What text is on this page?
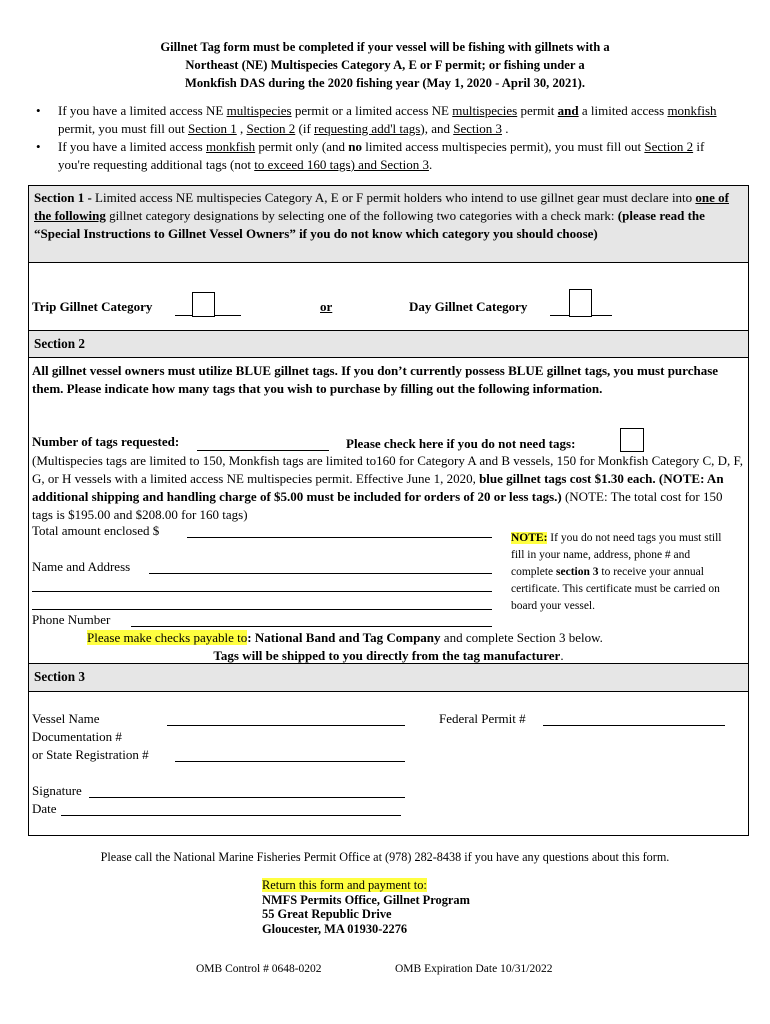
Gillnet Tag form must be completed if your vessel will be fishing with gillnets with a
Northeast (NE) Multispecies Category A, E or F permit; or fishing under a
Monkfish DAS during the 2020 fishing year (May 1, 2020 - April 30, 2021).
•	If you have a limited access NE multispecies permit or a limited access NE multispecies permit and a limited access monkfish permit, you must fill out Section 1 , Section 2 (if requesting add'l tags), and Section 3 .
•	If you have a limited access monkfish permit only (and no limited access multispecies permit), you must fill out Section 2 if you're requesting additional tags (not to exceed 160 tags) and Section 3.
Section 1 - Limited access NE multispecies Category A, E or F permit holders who intend to use gillnet gear must declare into one of the following gillnet category designations by selecting one of the following two categories with a check mark: (please read the “Special Instructions to Gillnet Vessel Owners” if you do not know which category you should choose)
Trip Gillnet Category	or	Day Gillnet Category
Section 2
All gillnet vessel owners must utilize BLUE gillnet tags. If you don’t currently possess BLUE gillnet tags, you must purchase them. Please indicate how many tags that you wish to purchase by filling out the following information.
Number of tags requested:	Please check here if you do not need tags:
(Multispecies tags are limited to 150, Monkfish tags are limited to160 for Category A and B vessels, 150 for Monkfish Category C, D, F, G, or H vessels with a limited access NE multispecies permit. Effective June 1, 2020, blue gillnet tags cost $1.30 each. (NOTE: An additional shipping and handling charge of $5.00 must be included for orders of 20 or less tags.) (NOTE: The total cost for 150 tags is $195.00 and $208.00 for 160 tags)
Total amount enclosed $
Name and Address
Phone Number
NOTE: If you do not need tags you must still fill in your name, address, phone # and complete section 3 to receive your annual certificate. This certificate must be carried on board your vessel.
Please make checks payable to: National Band and Tag Company and complete Section 3 below.
Tags will be shipped to you directly from the tag manufacturer.
Section 3
Vessel Name
Documentation #
or State Registration #
Federal Permit #
Signature
Date
Please call the National Marine Fisheries Permit Office at (978) 282-8438 if you have any questions about this form.
Return this form and payment to:
NMFS Permits Office, Gillnet Program
55 Great Republic Drive
Gloucester, MA 01930-2276
OMB Control # 0648-0202	OMB Expiration Date 10/31/2022
